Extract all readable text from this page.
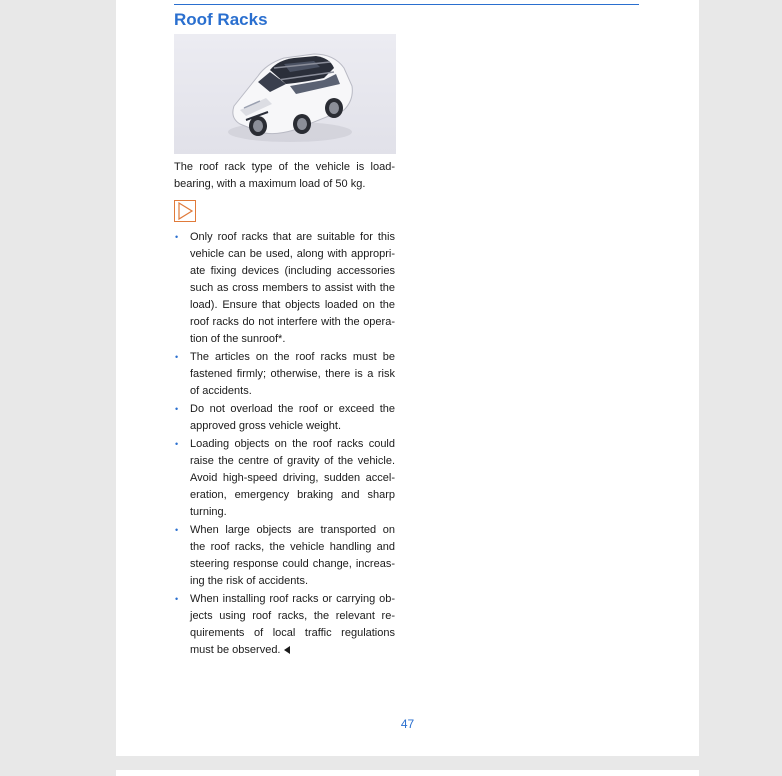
Roof Racks

The roof rack type of the vehicle is load-bearing, with a maximum load of 50 kg.

• Only roof racks that are suitable for this vehicle can be used, along with appropri-ate fixing devices (including accessories such as cross members to assist with the load). Ensure that objects loaded on the roof racks do not interfere with the opera-tion of the sunroof*.
• The articles on the roof racks must be fastened firmly; otherwise, there is a risk of accidents.
• Do not overload the roof or exceed the approved gross vehicle weight.
• Loading objects on the roof racks could raise the centre of gravity of the vehicle. Avoid high-speed driving, sudden accel-eration, emergency braking and sharp turning.
• When large objects are transported on the roof racks, the vehicle handling and steering response could change, increas-ing the risk of accidents.
• When installing roof racks or carrying ob-jects using roof racks, the relevant re-quirements of local traffic regulations must be observed.

47
